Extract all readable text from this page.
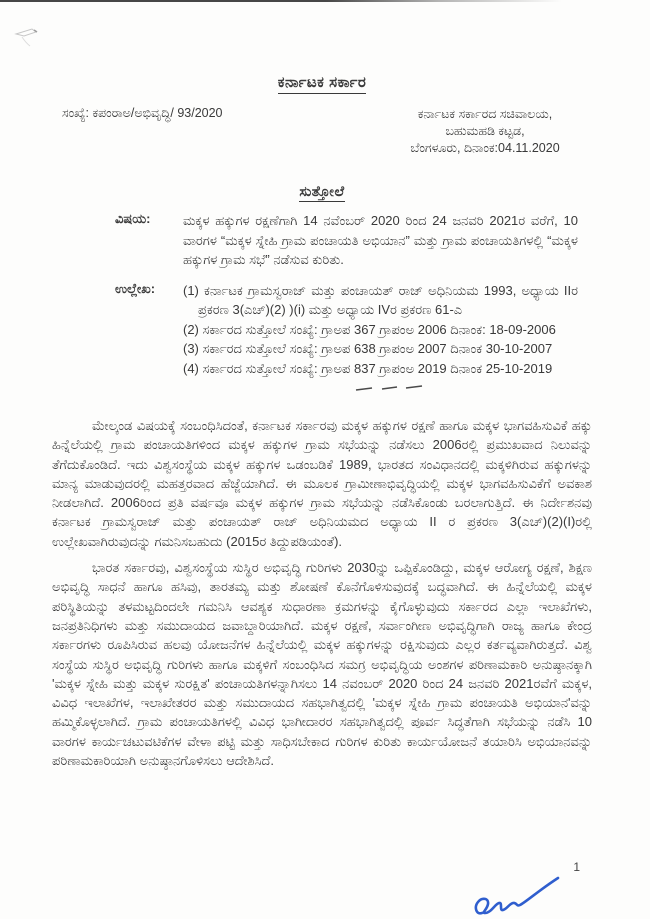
ಕರ್ನಾಟಕ ಸರ್ಕಾರ
ಸಂಖ್ಯೆ: ಕಪಂರಾಅ/ಅಭಿವೃದ್ಧಿ/ 93/2020	ಕರ್ನಾಟಕ ಸರ್ಕಾರದ ಸಚಿವಾಲಯ,
ಬಹುಮಹಡಿ ಕಟ್ಟಡ,
ಬೆಂಗಳೂರು, ದಿನಾಂಕ:04.11.2020
ಸುತ್ತೋಲೆ
ವಿಷಯ:	ಮಕ್ಕಳ ಹಕ್ಕುಗಳ ರಕ್ಷಣೆಗಾಗಿ 14 ನವೆಂಬರ್ 2020 ರಿಂದ 24 ಜನವರಿ 2021ರ ವರೆಗೆ, 10 ವಾರಗಳ “ಮಕ್ಕಳ ಸ್ನೇಹಿ ಗ್ರಾಮ ಪಂಚಾಯತಿ ಅಭಿಯಾನ” ಮತ್ತು ಗ್ರಾಮ ಪಂಚಾಯತಿಗಳಲ್ಲಿ “ಮಕ್ಕಳ ಹಕ್ಕುಗಳ ಗ್ರಾಮ ಸಭೆ” ನಡೆಸುವ ಕುರಿತು.
ಉಲ್ಲೇಖ:	(1) ಕರ್ನಾಟಕ ಗ್ರಾಮಸ್ವರಾಜ್ ಮತ್ತು ಪಂಚಾಯತ್ ರಾಜ್ ಅಧಿನಿಯಮ 1993, ಅಧ್ಯಾಯ IIರ ಪ್ರಕರಣ 3(ಎಚ್)(2) )(i) ಮತ್ತು ಅಧ್ಯಾಯ IVರ ಪ್ರಕರಣ 61-ಎ

(2) ಸರ್ಕಾರದ ಸುತ್ತೋಲೆ ಸಂಖ್ಯೆ: ಗ್ರಾಅಪ 367 ಗ್ರಾಪಂಅ 2006 ದಿನಾಂಕ: 18-09-2006

(3) ಸರ್ಕಾರದ ಸುತ್ತೋಲೆ ಸಂಖ್ಯೆ: ಗ್ರಾಅಪ 638 ಗ್ರಾಪಂಅ 2007 ದಿನಾಂಕ 30-10-2007

(4) ಸರ್ಕಾರದ ಸುತ್ತೋಲೆ ಸಂಖ್ಯೆ: ಗ್ರಾಅಪ 837 ಗ್ರಾಪಂಅ 2019 ದಿನಾಂಕ 25-10-2019

ಮೇಲ್ಕಂಡ ವಿಷಯಕ್ಕೆ ಸಂಬಂಧಿಸಿದಂತೆ, ಕರ್ನಾಟಕ ಸರ್ಕಾರವು ಮಕ್ಕಳ ಹಕ್ಕುಗಳ ರಕ್ಷಣೆ ಹಾಗೂ ಮಕ್ಕಳ ಭಾಗವಹಿಸುವಿಕೆ ಹಕ್ಕು ಹಿನ್ನೆಲೆಯಲ್ಲಿ ಗ್ರಾಮ ಪಂಚಾಯತಿಗಳಿಂದ ಮಕ್ಕಳ ಹಕ್ಕುಗಳ ಗ್ರಾಮ ಸಭೆಯನ್ನು ನಡೆಸಲು 2006ರಲ್ಲಿ ಪ್ರಮುಖವಾದ ನಿಲುವನ್ನು ತೆಗೆದುಕೊಂಡಿದೆ. ಇದು ವಿಶ್ವಸಂಸ್ಥೆಯ ಮಕ್ಕಳ ಹಕ್ಕುಗಳ ಒಡಂಬಡಿಕೆ 1989, ಭಾರತದ ಸಂವಿಧಾನದಲ್ಲಿ ಮಕ್ಕಳಿಗಿರುವ ಹಕ್ಕುಗಳನ್ನು ಮಾನ್ಯ ಮಾಡುವುದರಲ್ಲಿ ಮಹತ್ತರವಾದ ಹೆಜ್ಜೆಯಾಗಿದೆ. ಈ ಮೂಲಕ ಗ್ರಾಮೀಣಾಭಿವೃದ್ಧಿಯಲ್ಲಿ ಮಕ್ಕಳ ಭಾಗವಹಿಸುವಿಕೆಗೆ ಅವಕಾಶ ನೀಡಲಾಗಿದೆ. 2006ರಿಂದ ಪ್ರತಿ ವರ್ಷವೂ ಮಕ್ಕಳ ಹಕ್ಕುಗಳ ಗ್ರಾಮ ಸಭೆಯನ್ನು ನಡೆಸಿಕೊಂಡು ಬರಲಾಗುತ್ತಿದೆ. ಈ ನಿರ್ದೇಶನವು ಕರ್ನಾಟಕ ಗ್ರಾಮಸ್ವರಾಜ್ ಮತ್ತು ಪಂಚಾಯತ್ ರಾಜ್ ಅಧಿನಿಯಮದ ಅಧ್ಯಾಯ II ರ ಪ್ರಕರಣ 3(ಎಚ್)(2)(I)ರಲ್ಲಿ ಉಲ್ಲೇಖವಾಗಿರುವುದನ್ನು ಗಮನಿಸಬಹುದು (2015ರ ತಿದ್ದುಪಡಿಯಂತೆ).

ಭಾರತ ಸರ್ಕಾರವು, ವಿಶ್ವಸಂಸ್ಥೆಯ ಸುಸ್ಥಿರ ಅಭಿವೃದ್ಧಿ ಗುರಿಗಳು 2030ನ್ನು ಒಪ್ಪಿಕೊಂಡಿದ್ದು, ಮಕ್ಕಳ ಆರೋಗ್ಯ ರಕ್ಷಣೆ, ಶಿಕ್ಷಣ ಅಭಿವೃದ್ಧಿ ಸಾಧನೆ ಹಾಗೂ ಹಸಿವು, ತಾರತಮ್ಯ ಮತ್ತು ಶೋಷಣೆ ಕೊನೆಗೊಳಿಸುವುದಕ್ಕೆ ಬದ್ಧವಾಗಿದೆ. ಈ ಹಿನ್ನೆಲೆಯಲ್ಲಿ ಮಕ್ಕಳ ಪರಿಸ್ಥಿತಿಯನ್ನು ತಳಮಟ್ಟದಿಂದಲೇ ಗಮನಿಸಿ ಆವಶ್ಯಕ ಸುಧಾರಣಾ ಕ್ರಮಗಳನ್ನು ಕೈಗೊಳ್ಳುವುದು ಸರ್ಕಾರದ ಎಲ್ಲಾ ಇಲಾಖೆಗಳು, ಜನಪ್ರತಿನಿಧಿಗಳು ಮತ್ತು ಸಮುದಾಯದ ಜವಾಬ್ದಾರಿಯಾಗಿದೆ. ಮಕ್ಕಳ ರಕ್ಷಣೆ, ಸರ್ವಾಂಗೀಣ ಅಭಿವೃದ್ಧಿಗಾಗಿ ರಾಜ್ಯ ಹಾಗೂ ಕೇಂದ್ರ ಸರ್ಕಾರಗಳು ರೂಪಿಸಿರುವ ಹಲವು ಯೋಜನೆಗಳ ಹಿನ್ನೆಲೆಯಲ್ಲಿ ಮಕ್ಕಳ ಹಕ್ಕುಗಳನ್ನು ರಕ್ಷಿಸುವುದು ಎಲ್ಲರ ಕರ್ತವ್ಯವಾಗಿರುತ್ತದೆ. ವಿಶ್ವ ಸಂಸ್ಥೆಯ ಸುಸ್ಥಿರ ಅಭಿವೃದ್ಧಿ ಗುರಿಗಳು ಹಾಗೂ ಮಕ್ಕಳಿಗೆ ಸಂಬಂಧಿಸಿದ ಸಮಗ್ರ ಅಭಿವೃದ್ಧಿಯ ಅಂಶಗಳ ಪರಿಣಾಮಕಾರಿ ಅನುಷ್ಠಾನಕ್ಕಾಗಿ 'ಮಕ್ಕಳ ಸ್ನೇಹಿ ಮತ್ತು ಮಕ್ಕಳ ಸುರಕ್ಷಿತ' ಪಂಚಾಯತಿಗಳನ್ನಾಗಿಸಲು 14 ನವಂಬರ್ 2020 ರಿಂದ 24 ಜನವರಿ 2021ರವೆಗೆ ಮಕ್ಕಳ, ವಿವಿಧ ಇಲಾಖೆಗಳ, ಇಲಾಖೇತರರ ಮತ್ತು ಸಮುದಾಯದ ಸಹಭಾಗಿತ್ವದಲ್ಲಿ 'ಮಕ್ಕಳ ಸ್ನೇಹಿ ಗ್ರಾಮ ಪಂಚಾಯತಿ ಅಭಿಯಾನ'ವನ್ನು ಹಮ್ಮಿಕೊಳ್ಳಲಾಗಿದೆ. ಗ್ರಾಮ ಪಂಚಾಯತಿಗಳಲ್ಲಿ ವಿವಿಧ ಭಾಗೀದಾರರ ಸಹಭಾಗಿತ್ವದಲ್ಲಿ ಪೂರ್ವ ಸಿದ್ಧತೆಗಾಗಿ ಸಭೆಯನ್ನು ನಡೆಸಿ 10 ವಾರಗಳ ಕಾರ್ಯಚಟುವಟಿಕೆಗಳ ವೇಳಾ ಪಟ್ಟಿ ಮತ್ತು ಸಾಧಿಸಬೇಕಾದ ಗುರಿಗಳ ಕುರಿತು ಕಾರ್ಯಯೋಜನೆ ತಯಾರಿಸಿ ಅಭಿಯಾನವನ್ನು ಪರಿಣಾಮಕಾರಿಯಾಗಿ ಅನುಷ್ಠಾನಗೊಳಿಸಲು ಆದೇಶಿಸಿದೆ.

1
